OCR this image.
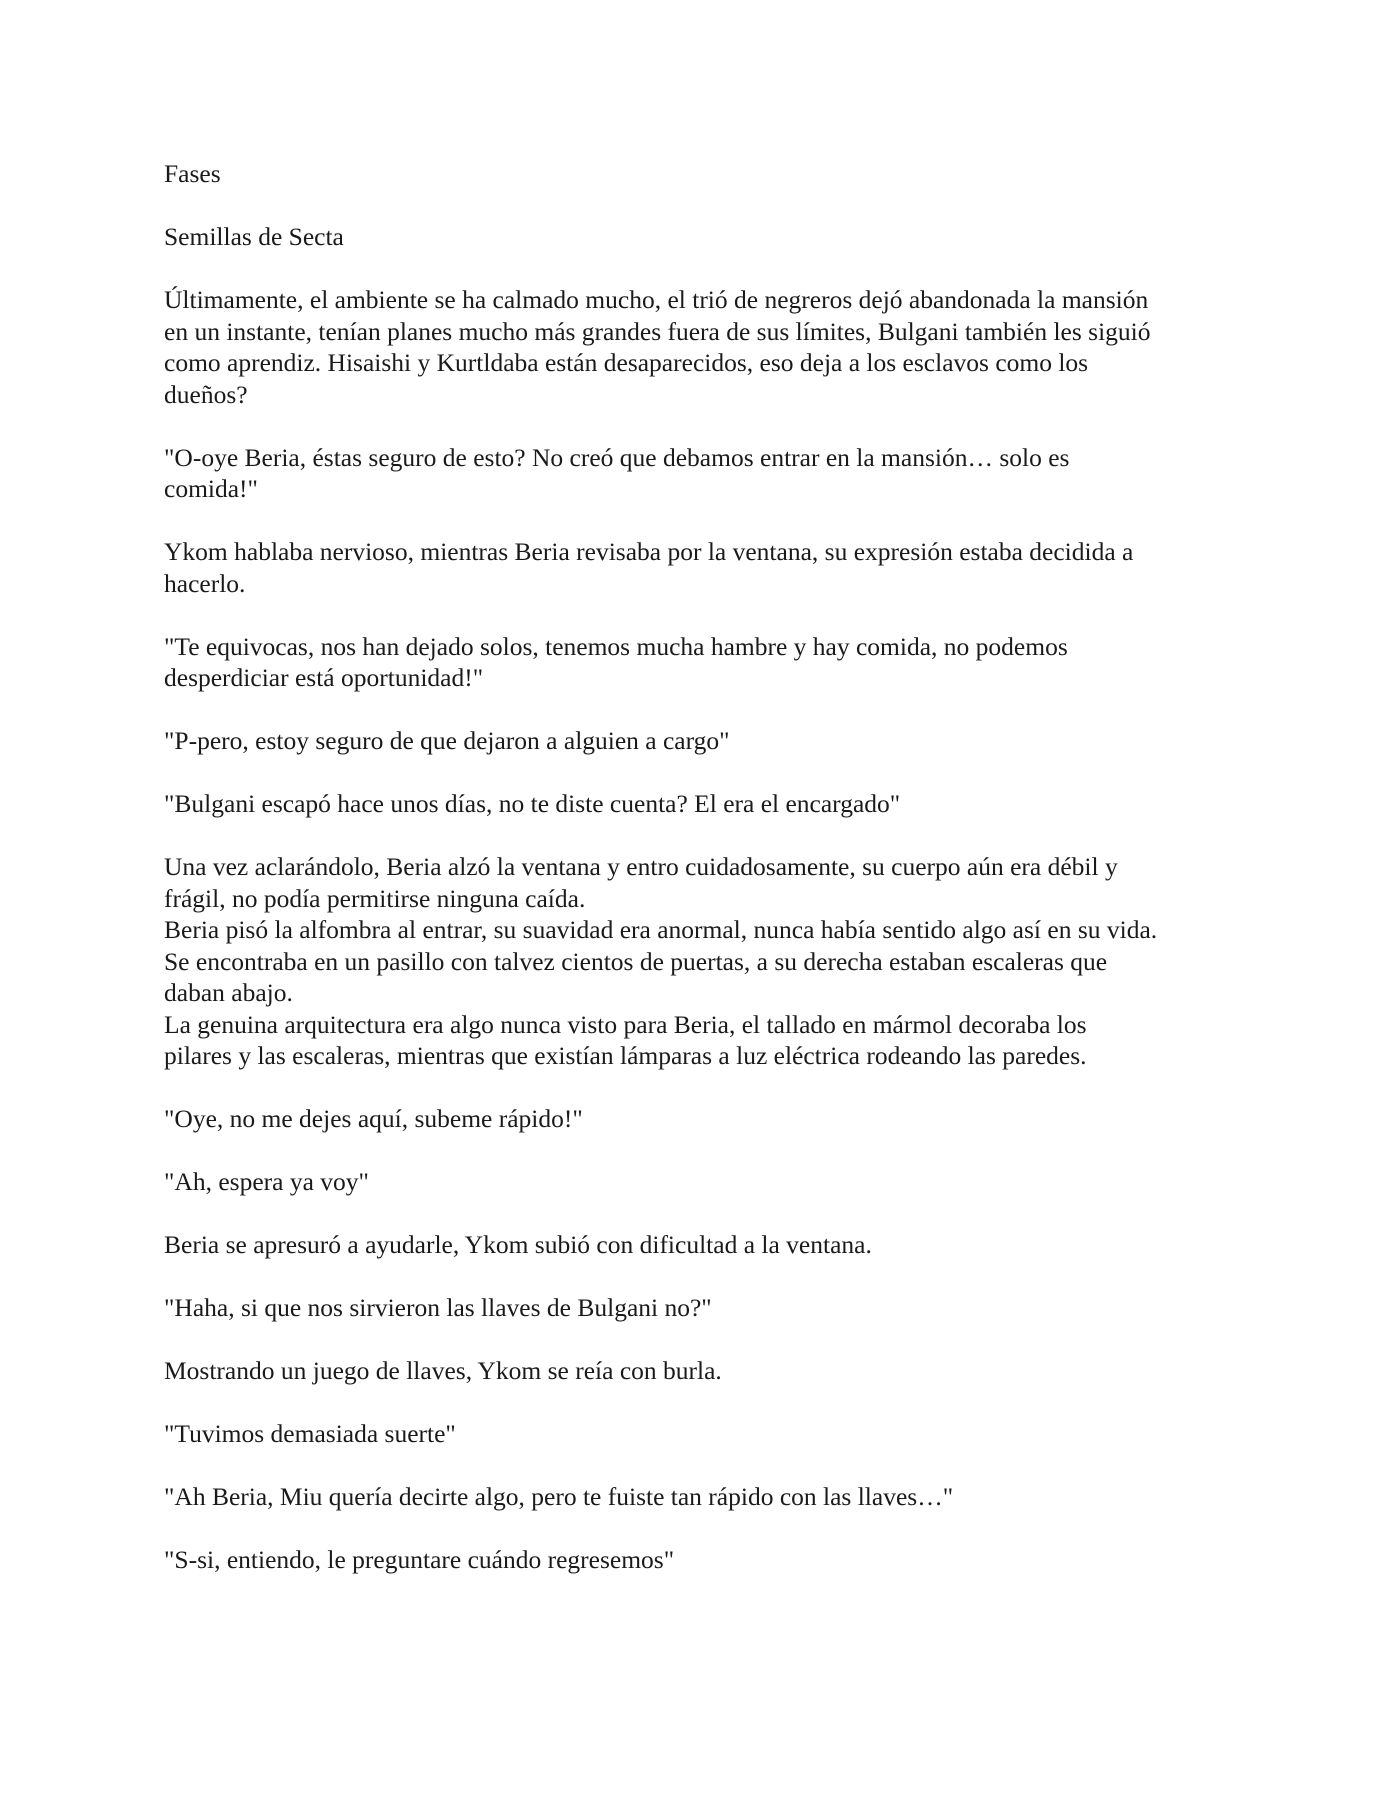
Fases

Semillas de Secta

Últimamente, el ambiente se ha calmado mucho, el trió de negreros dejó abandonada la mansión
en un instante, tenían planes mucho más grandes fuera de sus límites, Bulgani también les siguió
como aprendiz. Hisaishi y Kurtldaba están desaparecidos, eso deja a los esclavos como los
dueños?

"O-oye Beria, éstas seguro de esto? No creó que debamos entrar en la mansión… solo es
comida!"

Ykom hablaba nervioso, mientras Beria revisaba por la ventana, su expresión estaba decidida a
hacerlo.

"Te equivocas, nos han dejado solos, tenemos mucha hambre y hay comida, no podemos
desperdiciar está oportunidad!"

"P-pero, estoy seguro de que dejaron a alguien a cargo"

"Bulgani escapó hace unos días, no te diste cuenta? El era el encargado"

Una vez aclarándolo, Beria alzó la ventana y entro cuidadosamente, su cuerpo aún era débil y
frágil, no podía permitirse ninguna caída.
Beria pisó la alfombra al entrar, su suavidad era anormal, nunca había sentido algo así en su vida.
Se encontraba en un pasillo con talvez cientos de puertas, a su derecha estaban escaleras que
daban abajo.
La genuina arquitectura era algo nunca visto para Beria, el tallado en mármol decoraba los
pilares y las escaleras, mientras que existían lámparas a luz eléctrica rodeando las paredes.

"Oye, no me dejes aquí, subeme rápido!"

"Ah, espera ya voy"

Beria se apresuró a ayudarle, Ykom subió con dificultad a la ventana.

"Haha, si que nos sirvieron las llaves de Bulgani no?"

Mostrando un juego de llaves, Ykom se reía con burla.

"Tuvimos demasiada suerte"

"Ah Beria, Miu quería decirte algo, pero te fuiste tan rápido con las llaves…"

"S-si, entiendo, le preguntare cuándo regresemos"
